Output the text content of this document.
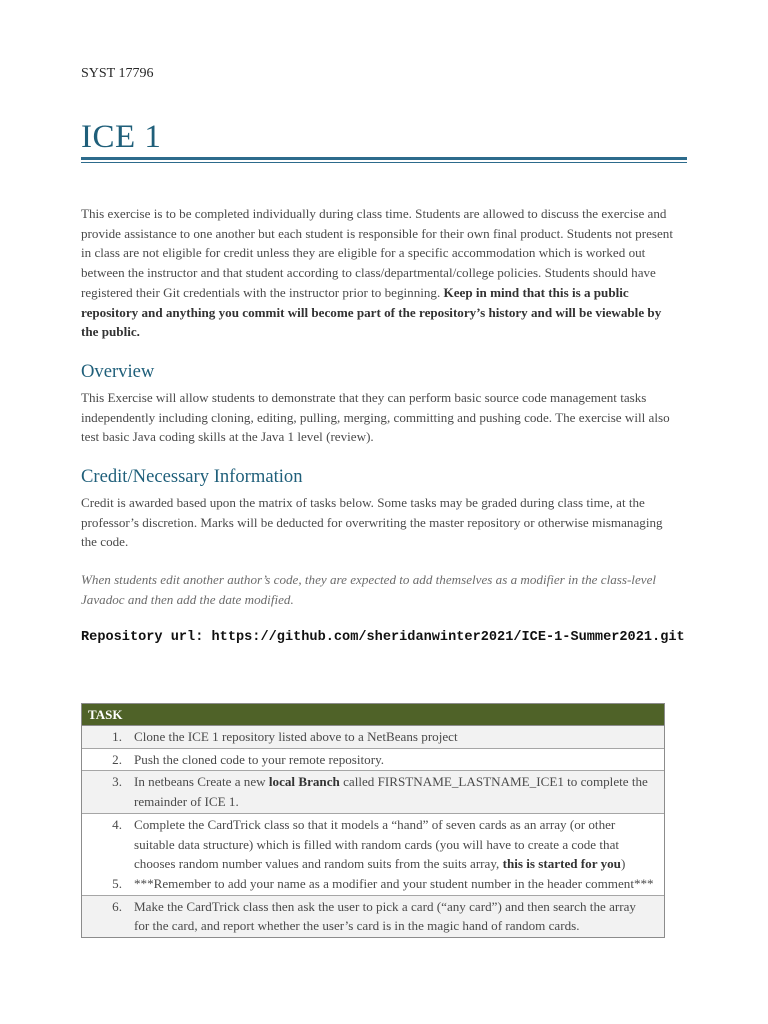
SYST 17796
ICE 1
This exercise is to be completed individually during class time. Students are allowed to discuss the exercise and provide assistance to one another but each student is responsible for their own final product. Students not present in class are not eligible for credit unless they are eligible for a specific accommodation which is worked out between the instructor and that student according to class/departmental/college policies. Students should have registered their Git credentials with the instructor prior to beginning. Keep in mind that this is a public repository and anything you commit will become part of the repository’s history and will be viewable by the public.
Overview
This Exercise will allow students to demonstrate that they can perform basic source code management tasks independently including cloning, editing, pulling, merging, committing and pushing code. The exercise will also test basic Java coding skills at the Java 1 level (review).
Credit/Necessary Information
Credit is awarded based upon the matrix of tasks below. Some tasks may be graded during class time, at the professor’s discretion. Marks will be deducted for overwriting the master repository or otherwise mismanaging the code.
When students edit another author’s code, they are expected to add themselves as a modifier in the class-level Javadoc and then add the date modified.
Repository url: https://github.com/sheridanwinter2021/ICE-1-Summer2021.git
TASK
1. Clone the ICE 1 repository listed above to a NetBeans project
2. Push the cloned code to your remote repository.
3. In netbeans Create a new local Branch called FIRSTNAME_LASTNAME_ICE1 to complete the remainder of ICE 1.
4. Complete the CardTrick class so that it models a “hand” of seven cards as an array (or other suitable data structure) which is filled with random cards (you will have to create a code that chooses random number values and random suits from the suits array, this is started for you)
5. ***Remember to add your name as a modifier and your student number in the header comment***
6. Make the CardTrick class then ask the user to pick a card (“any card”) and then search the array for the card, and report whether the user’s card is in the magic hand of random cards.
